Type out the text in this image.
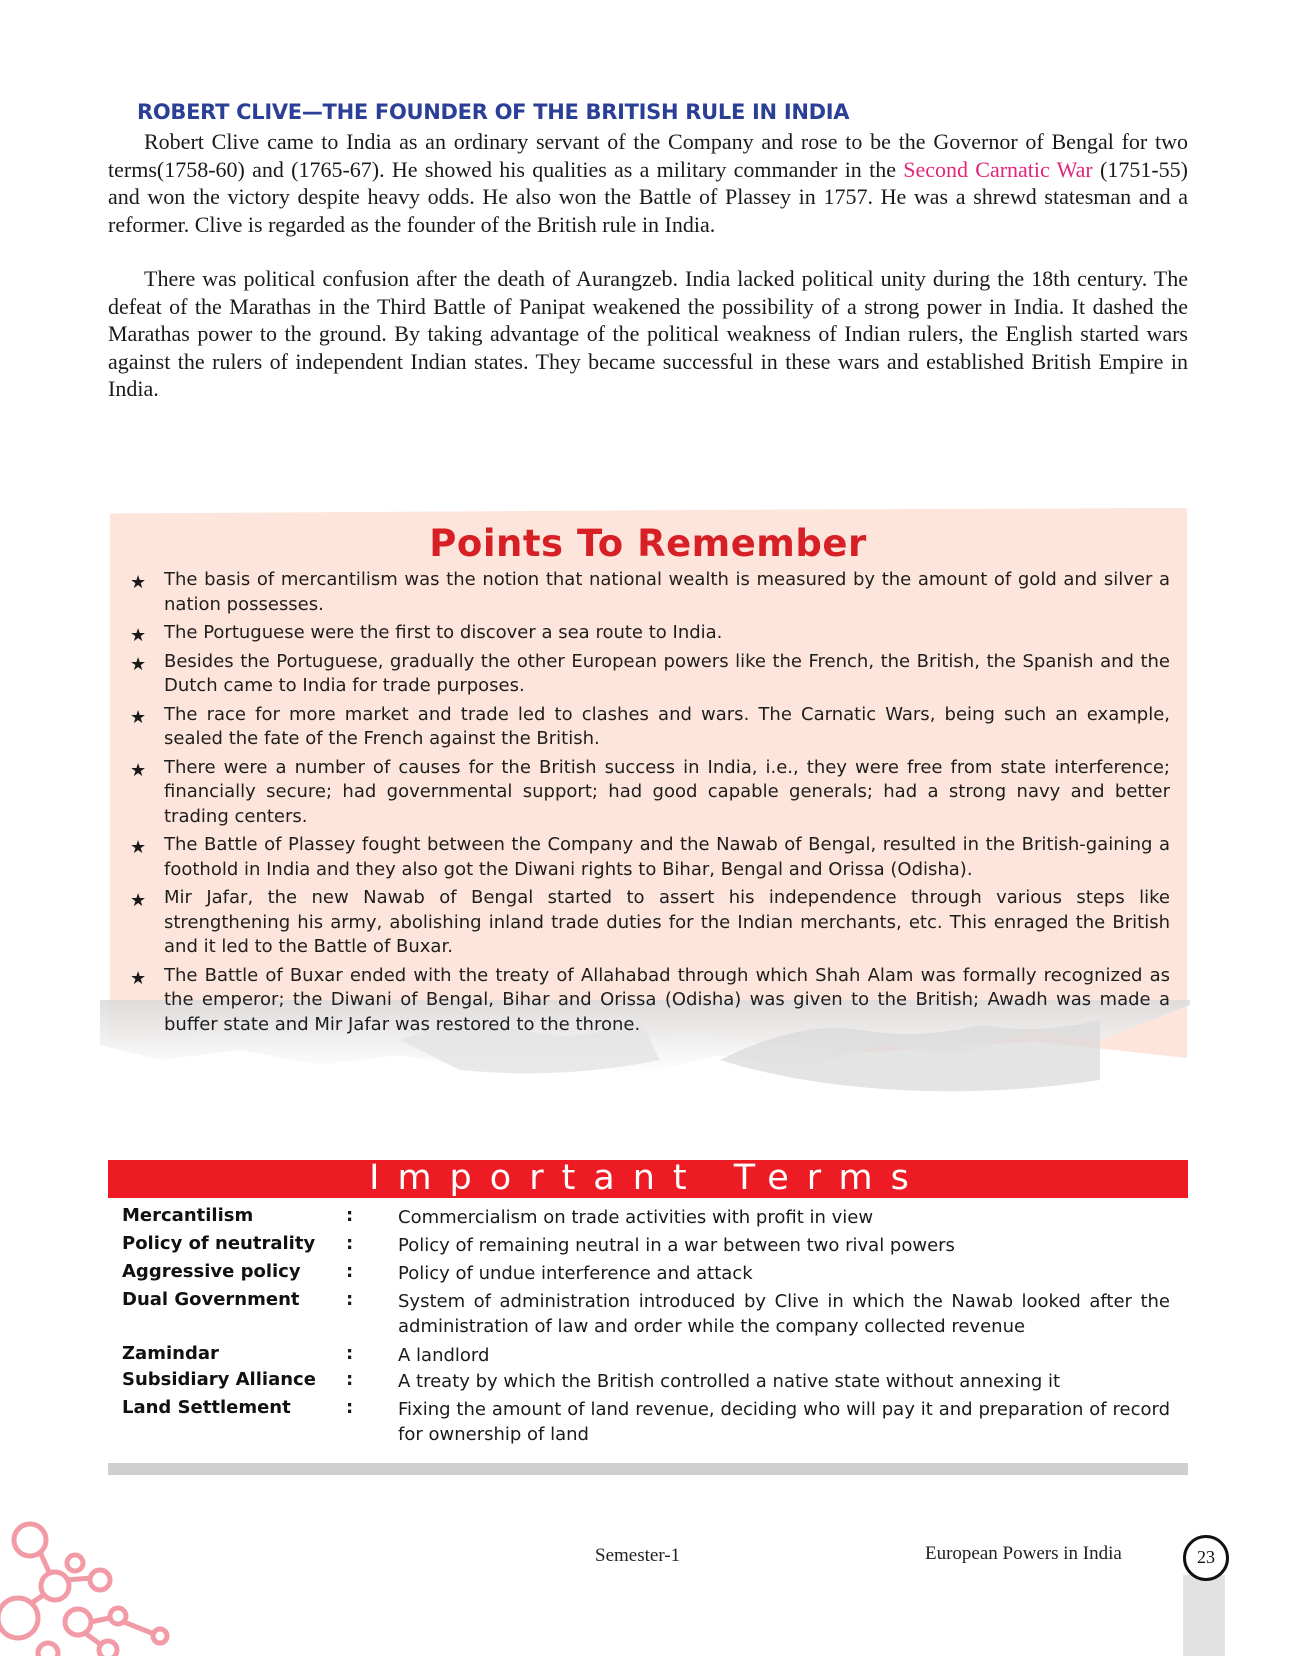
ROBERT CLIVE—THE FOUNDER OF THE BRITISH RULE IN INDIA

Robert Clive came to India as an ordinary servant of the Company and rose to be the Governor of Bengal for two terms(1758-60) and (1765-67). He showed his qualities as a military commander in the Second Carnatic War (1751-55) and won the victory despite heavy odds. He also won the Battle of Plassey in 1757. He was a shrewd statesman and a reformer. Clive is regarded as the founder of the British rule in India.

There was political confusion after the death of Aurangzeb. India lacked political unity during the 18th century. The defeat of the Marathas in the Third Battle of Panipat weakened the possibility of a strong power in India. It dashed the Marathas power to the ground. By taking advantage of the political weakness of Indian rulers, the English started wars against the rulers of independent Indian states. They became successful in these wars and established British Empire in India.

Points To Remember
★ The basis of mercantilism was the notion that national wealth is measured by the amount of gold and silver a nation possesses.
★ The Portuguese were the first to discover a sea route to India.
★ Besides the Portuguese, gradually the other European powers like the French, the British, the Spanish and the Dutch came to India for trade purposes.
★ The race for more market and trade led to clashes and wars. The Carnatic Wars, being such an example, sealed the fate of the French against the British.
★ There were a number of causes for the British success in India, i.e., they were free from state interference; financially secure; had governmental support; had good capable generals; had a strong navy and better trading centers.
★ The Battle of Plassey fought between the Company and the Nawab of Bengal, resulted in the British-gaining a foothold in India and they also got the Diwani rights to Bihar, Bengal and Orissa (Odisha).
★ Mir Jafar, the new Nawab of Bengal started to assert his independence through various steps like strengthening his army, abolishing inland trade duties for the Indian merchants, etc. This enraged the British and it led to the Battle of Buxar.
★ The Battle of Buxar ended with the treaty of Allahabad through which Shah Alam was formally recognized as the emperor; the Diwani of Bengal, Bihar and Orissa (Odisha) was given to the British; Awadh was made a buffer state and Mir Jafar was restored to the throne.
Important Terms
Mercantilism	: Commercialism on trade activities with profit in view
Policy of neutrality : Policy of remaining neutral in a war between two rival powers
Aggressive policy	: Policy of undue interference and attack
Dual Government	: System of administration introduced by Clive in which the Nawab looked after the administration of law and order while the company collected revenue
Zamindar	: A landlord
Subsidiary Alliance : A treaty by which the British controlled a native state without annexing it
Land Settlement	: Fixing the amount of land revenue, deciding who will pay it and preparation of record for ownership of land
Semester-1	European Powers in India	23
